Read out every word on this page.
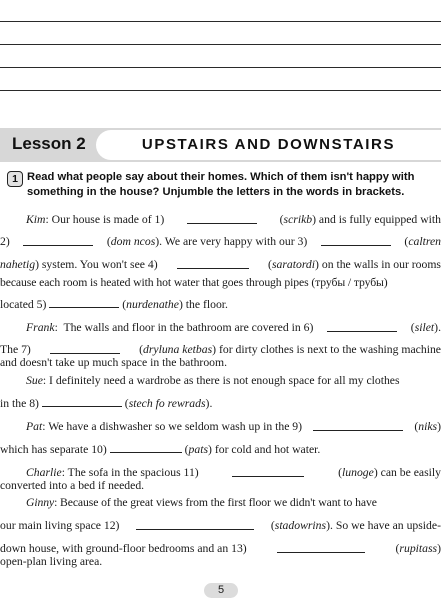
Lesson 2	UPSTAIRS AND DOWNSTAIRS
1 Read what people say about their homes. Which of them isn't happy with something in the house? Unjumble the letters in the words in brackets.
Kim: Our house is made of 1)	(scrikb) and is fully equipped with
2)	(dom ncos). We are very happy with our 3)	(caltren
nahetig) system. You won't see 4)	(saratordi) on the walls in our rooms
because each room is heated with hot water that goes through pipes (трубы / трубы)
located 5)	(nurdenathe) the floor.
Frank:  The walls and floor in the bathroom are covered in 6)	(silet).
The 7)	(dryluna ketbas) for dirty clothes is next to the washing machine
and doesn't take up much space in the bathroom.
Sue: I definitely need a wardrobe as there is not enough space for all my clothes
in the 8)	(stech fo rewrads).
Pat: We have a dishwasher so we seldom wash up in the 9)	(niks)
which has separate 10)	(pats) for cold and hot water.
Charlie: The sofa in the spacious 11)	(lunoge) can be easily
converted into a bed if needed.
Ginny: Because of the great views from the first floor we didn't want to have
our main living space 12)	(stadowrins). So we have an upside-
down house, with ground-floor bedrooms and an 13)	(rupitass)
open-plan living area.
5
